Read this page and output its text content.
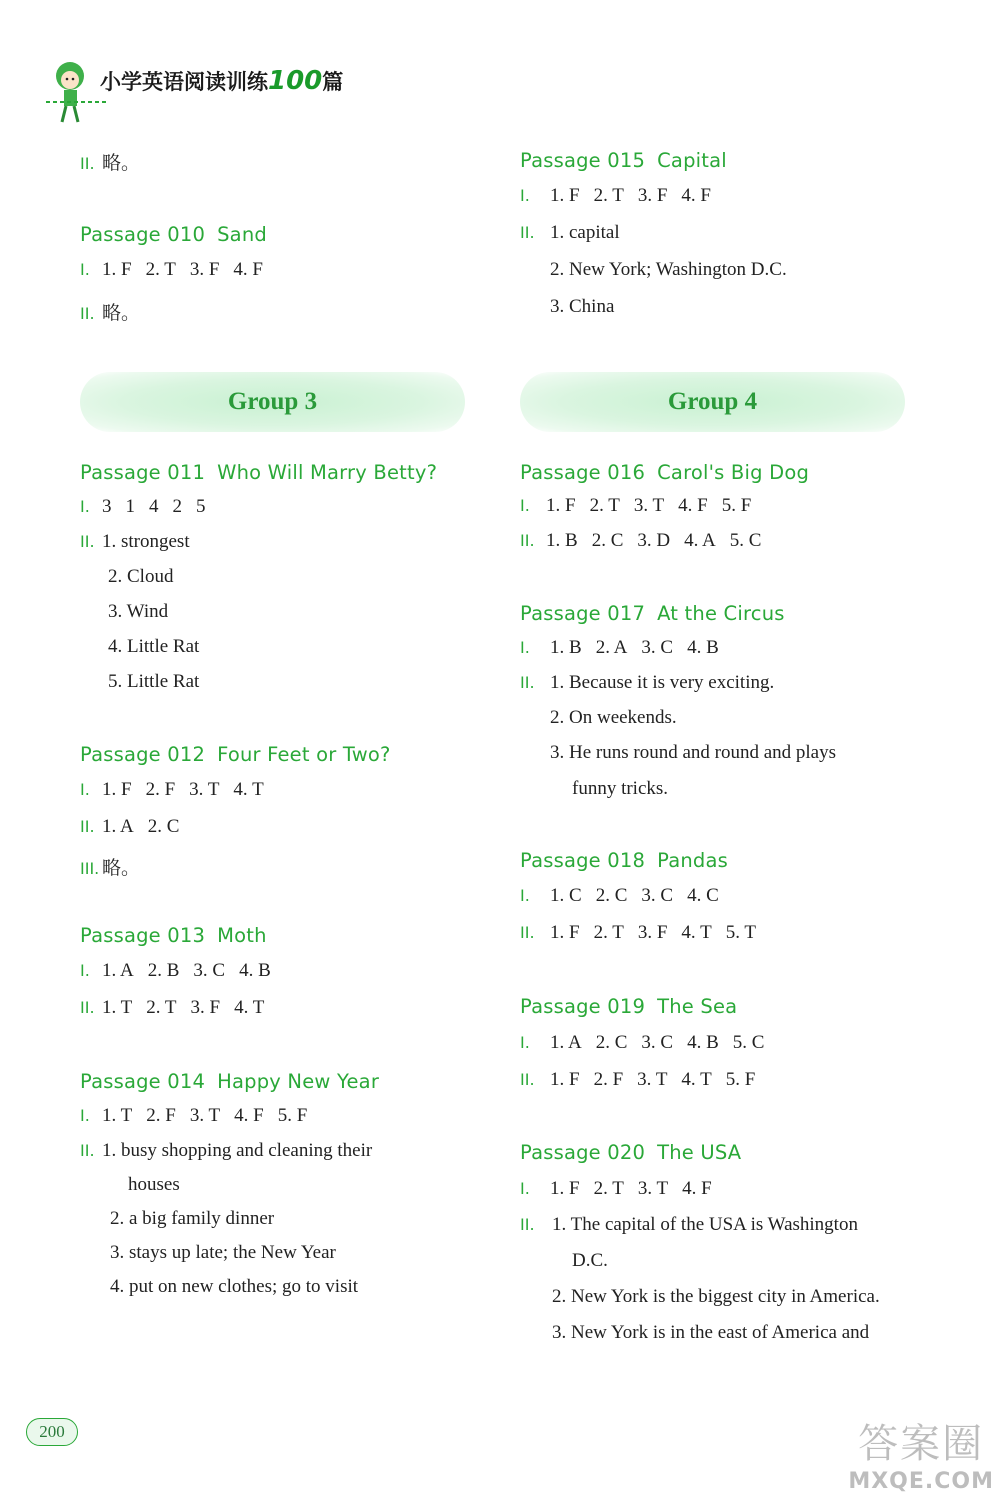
小学英语阅读训练100篇
II. 略。
Passage 010 Sand
I. 1. F 2. T 3. F 4. F
II. 略。
Group 3
Passage 011 Who Will Marry Betty?
I. 3 1 4 2 5
II. 1. strongest
2. Cloud
3. Wind
4. Little Rat
5. Little Rat
Passage 012 Four Feet or Two?
I. 1. F 2. F 3. T 4. T
II. 1. A 2. C
III. 略。
Passage 013 Moth
I. 1. A 2. B 3. C 4. B
II. 1. T 2. T 3. F 4. T
Passage 014 Happy New Year
I. 1. T 2. F 3. T 4. F 5. F
II. 1. busy shopping and cleaning their
houses
2. a big family dinner
3. stays up late; the New Year
4. put on new clothes; go to visit
Passage 015 Capital
I. 1. F 2. T 3. F 4. F
II. 1. capital
2. New York; Washington D.C.
3. China
Group 4
Passage 016 Carol's Big Dog
I. 1. F 2. T 3. T 4. F 5. F
II. 1. B 2. C 3. D 4. A 5. C
Passage 017 At the Circus
I. 1. B 2. A 3. C 4. B
II. 1. Because it is very exciting.
2. On weekends.
3. He runs round and round and plays
funny tricks.
Passage 018 Pandas
I. 1. C 2. C 3. C 4. C
II. 1. F 2. T 3. F 4. T 5. T
Passage 019 The Sea
I. 1. A 2. C 3. C 4. B 5. C
II. 1. F 2. F 3. T 4. T 5. F
Passage 020 The USA
I. 1. F 2. T 3. T 4. F
II. 1. The capital of the USA is Washington
D.C.
2. New York is the biggest city in America.
3. New York is in the east of America and
200	答案圈
MXQE.COM
